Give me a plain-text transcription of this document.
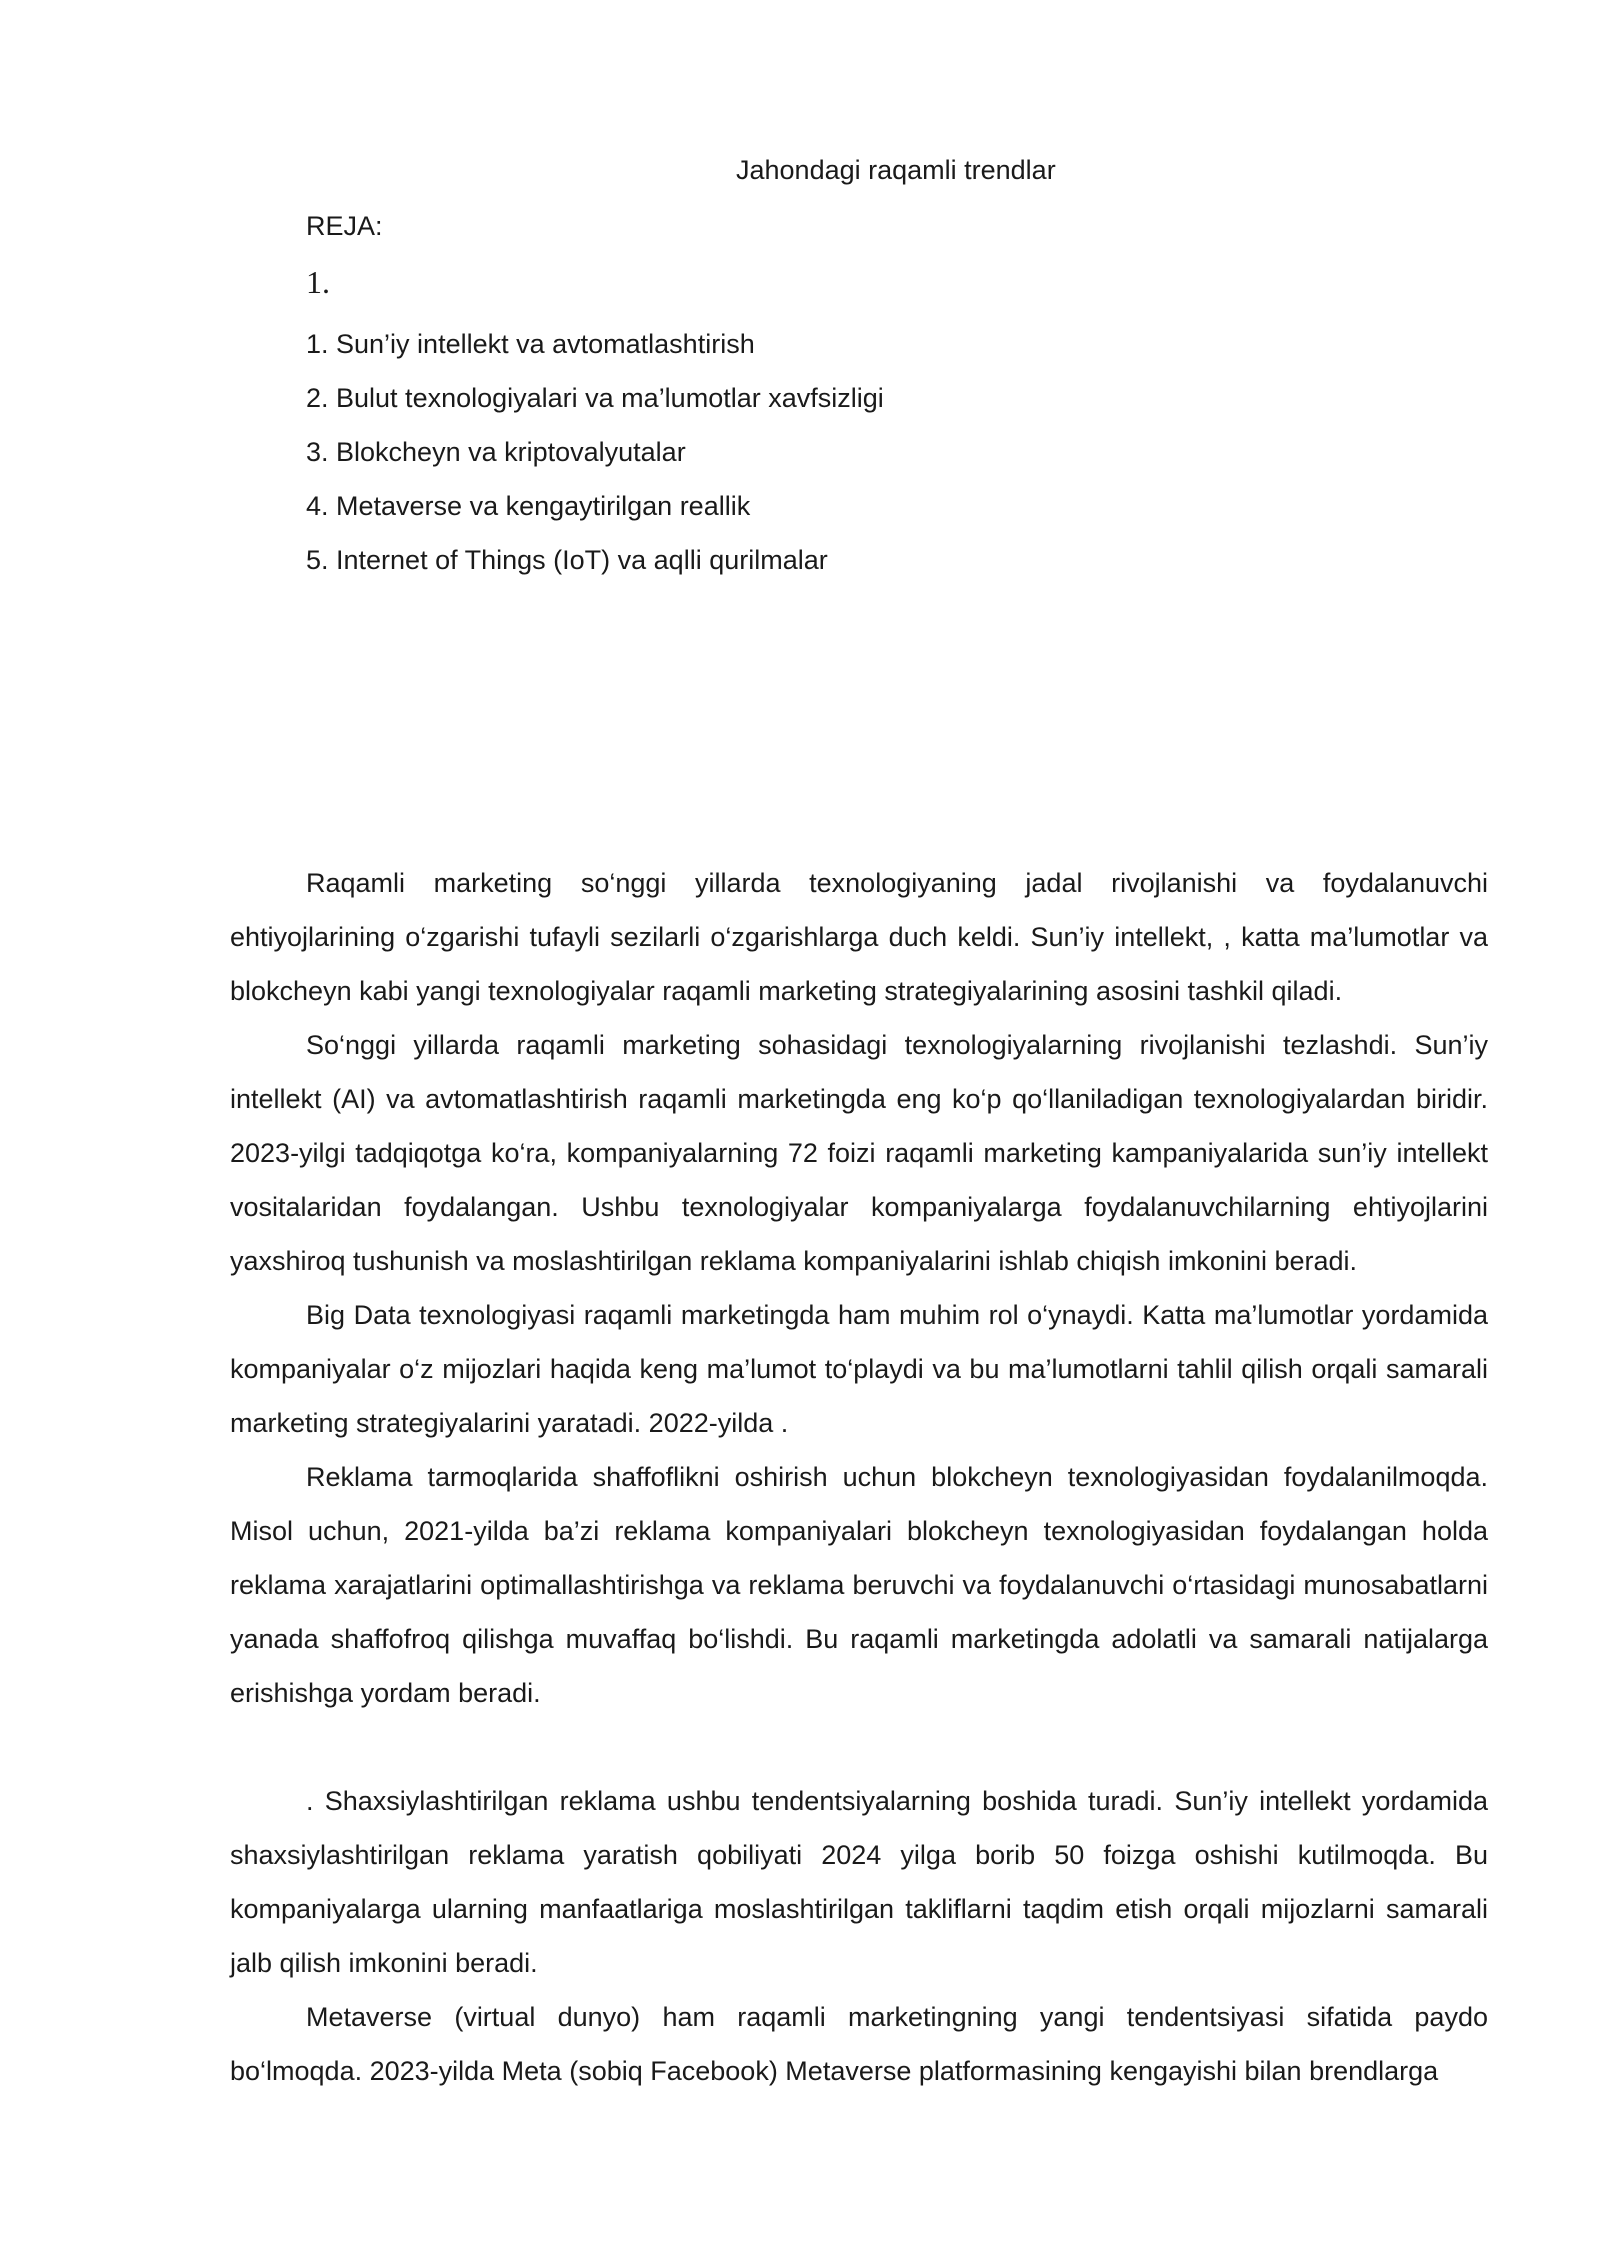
Jahondagi raqamli trendlar
REJA:
1.
1. Sun’iy intellekt va avtomatlashtirish
2. Bulut texnologiyalari va ma’lumotlar xavfsizligi
3. Blokcheyn va kriptovalyutalar
4. Metaverse va kengaytirilgan reallik
5. Internet of Things (IoT) va aqlli qurilmalar

Raqamli marketing so‘nggi yillarda texnologiyaning jadal rivojlanishi va foydalanuvchi ehtiyojlarining o‘zgarishi tufayli sezilarli o‘zgarishlarga duch keldi. Sun’iy intellekt, , katta ma’lumotlar va blokcheyn kabi yangi texnologiyalar raqamli marketing strategiyalarining asosini tashkil qiladi.

So‘nggi yillarda raqamli marketing sohasidagi texnologiyalarning rivojlanishi tezlashdi. Sun’iy intellekt (AI) va avtomatlashtirish raqamli marketingda eng ko‘p qo‘llaniladigan texnologiyalardan biridir. 2023-yilgi tadqiqotga ko‘ra, kompaniyalarning 72 foizi raqamli marketing kampaniyalarida sun’iy intellekt vositalaridan foydalangan. Ushbu texnologiyalar kompaniyalarga foydalanuvchilarning ehtiyojlarini yaxshiroq tushunish va moslashtirilgan reklama kompaniyalarini ishlab chiqish imkonini beradi.

Big Data texnologiyasi raqamli marketingda ham muhim rol o‘ynaydi. Katta ma’lumotlar yordamida kompaniyalar o‘z mijozlari haqida keng ma’lumot to‘playdi va bu ma’lumotlarni tahlil qilish orqali samarali marketing strategiyalarini yaratadi. 2022-yilda .

Reklama tarmoqlarida shaffoflikni oshirish uchun blokcheyn texnologiyasidan foydalanilmoqda. Misol uchun, 2021-yilda ba’zi reklama kompaniyalari blokcheyn texnologiyasidan foydalangan holda reklama xarajatlarini optimallashtirishga va reklama beruvchi va foydalanuvchi o‘rtasidagi munosabatlarni yanada shaffofroq qilishga muvaffaq bo‘lishdi. Bu raqamli marketingda adolatli va samarali natijalarga erishishga yordam beradi.

. Shaxsiylashtirilgan reklama ushbu tendentsiyalarning boshida turadi. Sun’iy intellekt yordamida shaxsiylashtirilgan reklama yaratish qobiliyati 2024 yilga borib 50 foizga oshishi kutilmoqda. Bu kompaniyalarga ularning manfaatlariga moslashtirilgan takliflarni taqdim etish orqali mijozlarni samarali jalb qilish imkonini beradi.

Metaverse (virtual dunyo) ham raqamli marketingning yangi tendentsiyasi sifatida paydo bo‘lmoqda. 2023-yilda Meta (sobiq Facebook) Metaverse platformasining kengayishi bilan brendlarga
